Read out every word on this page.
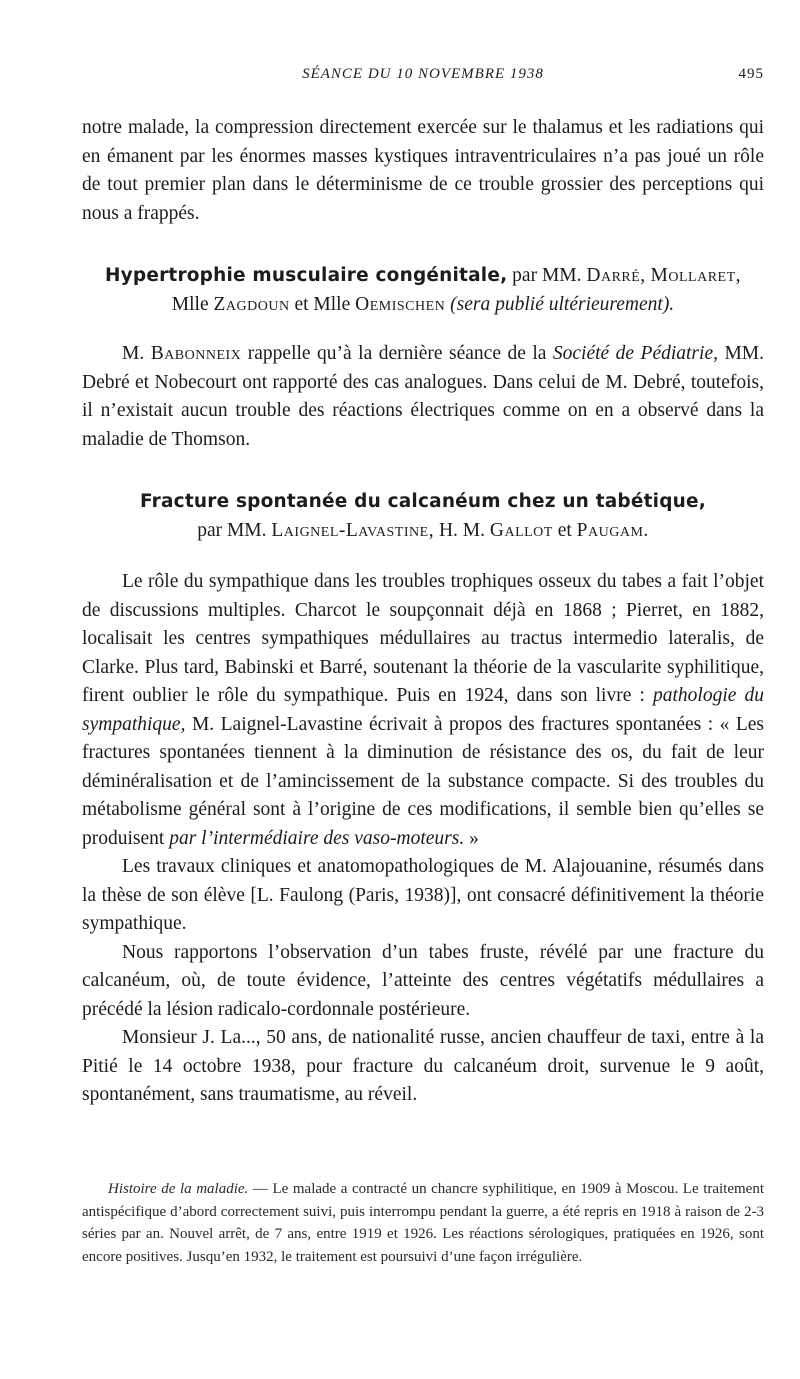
SÉANCE DU 10 NOVEMBRE 1938	495

notre malade, la compression directement exercée sur le thalamus et les radiations qui en émanent par les énormes masses kystiques intraventriculaires n’a pas joué un rôle de tout premier plan dans le déterminisme de ce trouble grossier des perceptions qui nous a frappés.

Hypertrophie musculaire congénitale, par MM. Darré, Mollaret,
Mlle Zagdoun et Mlle Oemischen (sera publié ultérieurement).

M. Babonneix rappelle qu’à la dernière séance de la Société de Pédiatrie, MM. Debré et Nobecourt ont rapporté des cas analogues. Dans celui de M. Debré, toutefois, il n’existait aucun trouble des réactions électriques comme on en a observé dans la maladie de Thomson.

Fracture spontanée du calcanéum chez un tabétique,
par MM. Laignel-Lavastine, H. M. Gallot et Paugam.

Le rôle du sympathique dans les troubles trophiques osseux du tabes a fait l’objet de discussions multiples. Charcot le soupçonnait déjà en 1868 ; Pierret, en 1882, localisait les centres sympathiques médullaires au tractus intermedio lateralis, de Clarke. Plus tard, Babinski et Barré, soutenant la théorie de la vascularite syphilitique, firent oublier le rôle du sympathique. Puis en 1924, dans son livre : pathologie du sympathique, M. Laignel-Lavastine écrivait à propos des fractures spontanées : « Les fractures spontanées tiennent à la diminution de résistance des os, du fait de leur déminéralisation et de l’amincissement de la substance compacte. Si des troubles du métabolisme général sont à l’origine de ces modifications, il semble bien qu’elles se produisent par l’intermédiaire des vaso-moteurs. »

Les travaux cliniques et anatomopathologiques de M. Alajouanine, résumés dans la thèse de son élève [L. Faulong (Paris, 1938)], ont consacré définitivement la théorie sympathique.

Nous rapportons l’observation d’un tabes fruste, révélé par une fracture du calcanéum, où, de toute évidence, l’atteinte des centres végétatifs médullaires a précédé la lésion radicalo-cordonnale postérieure.

Monsieur J. La..., 50 ans, de nationalité russe, ancien chauffeur de taxi, entre à la Pitié le 14 octobre 1938, pour fracture du calcanéum droit, survenue le 9 août, spontanément, sans traumatisme, au réveil.

Histoire de la maladie. — Le malade a contracté un chancre syphilitique, en 1909 à Moscou. Le traitement antispécifique d’abord correctement suivi, puis interrompu pendant la guerre, a été repris en 1918 à raison de 2-3 séries par an. Nouvel arrêt, de 7 ans, entre 1919 et 1926. Les réactions sérologiques, pratiquées en 1926, sont encore positives. Jusqu’en 1932, le traitement est poursuivi d’une façon irrégulière.
